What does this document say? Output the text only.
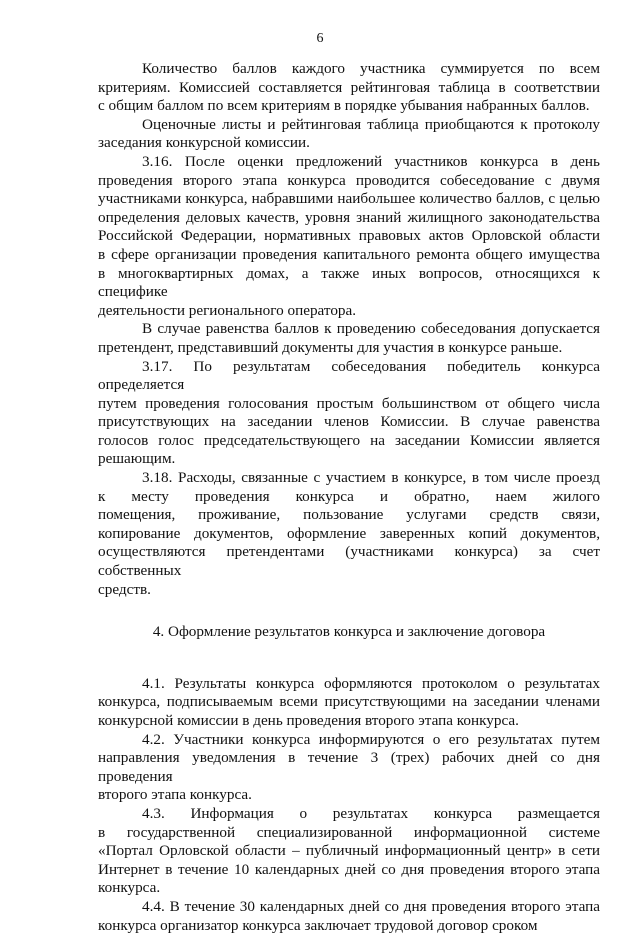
6

Количество баллов каждого участника суммируется по всем

критериям. Комиссией составляется рейтинговая таблица в соответствии

с общим баллом по всем критериям в порядке убывания набранных баллов.

Оценочные листы и рейтинговая таблица приобщаются к протоколу

заседания конкурсной комиссии.

3.16. После оценки предложений участников конкурса в день

проведения второго этапа конкурса проводится собеседование с двумя

участниками конкурса, набравшими наибольшее количество баллов, с целью

определения деловых качеств, уровня знаний жилищного законодательства

Российской Федерации, нормативных правовых актов Орловской области

в сфере организации проведения капитального ремонта общего имущества

в многоквартирных домах, а также иных вопросов, относящихся к специфике

деятельности регионального оператора.

В случае равенства баллов к проведению собеседования допускается

претендент, представивший документы для участия в конкурсе раньше.

3.17. По результатам собеседования победитель конкурса определяется

путем проведения голосования простым большинством от общего числа

присутствующих на заседании членов Комиссии. В случае равенства

голосов голос председательствующего на заседании Комиссии является

решающим.

3.18. Расходы, связанные с участием в конкурсе, в том числе проезд

к месту проведения конкурса и обратно, наем жилого

помещения, проживание, пользование услугами средств связи,

копирование документов, оформление заверенных копий документов,

осуществляются претендентами (участниками конкурса) за счет собственных

средств.

4. Оформление результатов конкурса и заключение договора

4.1. Результаты конкурса оформляются протоколом о результатах

конкурса, подписываемым всеми присутствующими на заседании членами

конкурсной комиссии в день проведения второго этапа конкурса.

4.2. Участники конкурса информируются о его результатах путем

направления уведомления в течение 3 (трех) рабочих дней со дня проведения

второго этапа конкурса.

4.3. Информация о результатах конкурса размещается

в государственной специализированной информационной системе

«Портал Орловской области – публичный информационный центр» в сети

Интернет в течение 10 календарных дней со дня проведения второго этапа

конкурса.

4.4. В течение 30 календарных дней со дня проведения второго этапа

конкурса организатор конкурса заключает трудовой договор сроком
